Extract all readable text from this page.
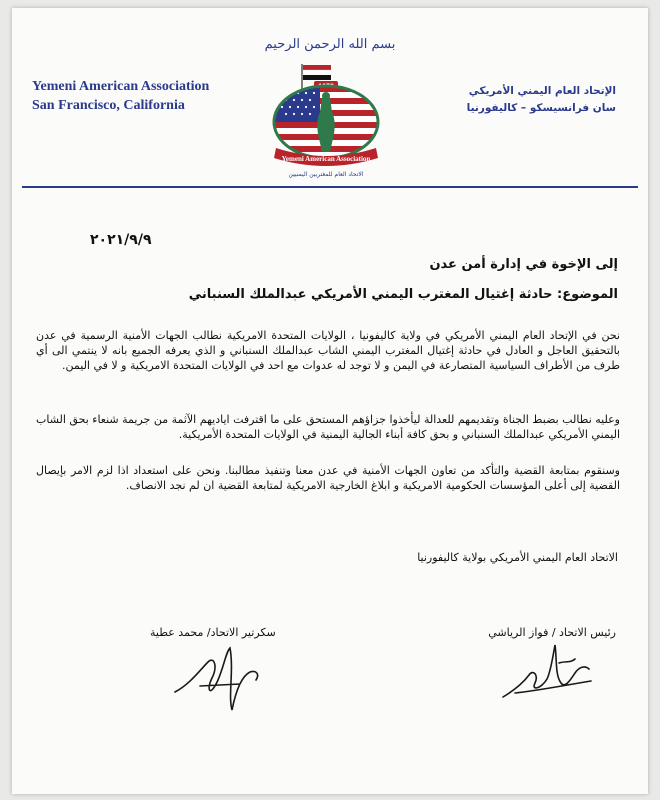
بسم الله الرحمن الرحيم
Yemeni American Association
San Francisco, California
الإتحاد العام اليمني الأمريكي
سان فرانسيسكو – كاليفورنيا
Yemeni American Association
الاتحاد العام للمغتربين اليمنيين
٢٠٢١/٩/٩
إلى الإخوة في إدارة أمن عدن
الموضوع: حادثة إغتيال المغترب اليمني الأمريكي عبدالملك السنباني
نحن في الإتحاد العام اليمني الأمريكي في ولاية كاليفونيا ، الولايات المتحدة الامريكية نطالب الجهات الأمنية الرسمية في عدن بالتحقيق العاجل و العادل في حادثة إغتيال المغترب اليمني الشاب عبدالملك السنباني و الذي يعرفه الجميع بانه لا ينتمي الى أي طرف من الأطراف السياسية المتصارعة في اليمن و لا توجد له عدوات مع احد في الولايات المتحدة الامريكية و لا في اليمن.
وعليه نطالب بضبط الجناة وتقديمهم للعدالة ليأخذوا جزاؤهم المستحق على ما اقترفت اياديهم الآثمة من جريمة شنعاء بحق الشاب اليمني الأمريكي عبدالملك السنباني و بحق كافة أبناء الجالية اليمنية في الولايات المتحدة الأمريكية.
وسنقوم بمتابعة القضية والتأكد من تعاون الجهات الأمنية في عدن معنا وتنفيذ مطالبنا. ونحن على استعداد اذا لزم الامر بإيصال القضية إلى أعلى المؤسسات الحكومية الامريكية و ابلاغ الخارجية الامريكية لمتابعة القضية ان لم نجد الانصاف.
الاتحاد العام اليمني الأمريكي بولاية كاليفورنيا
سكرتير الاتحاد/ محمد عطية	رئيس الاتحاد / فواز الرياشي
